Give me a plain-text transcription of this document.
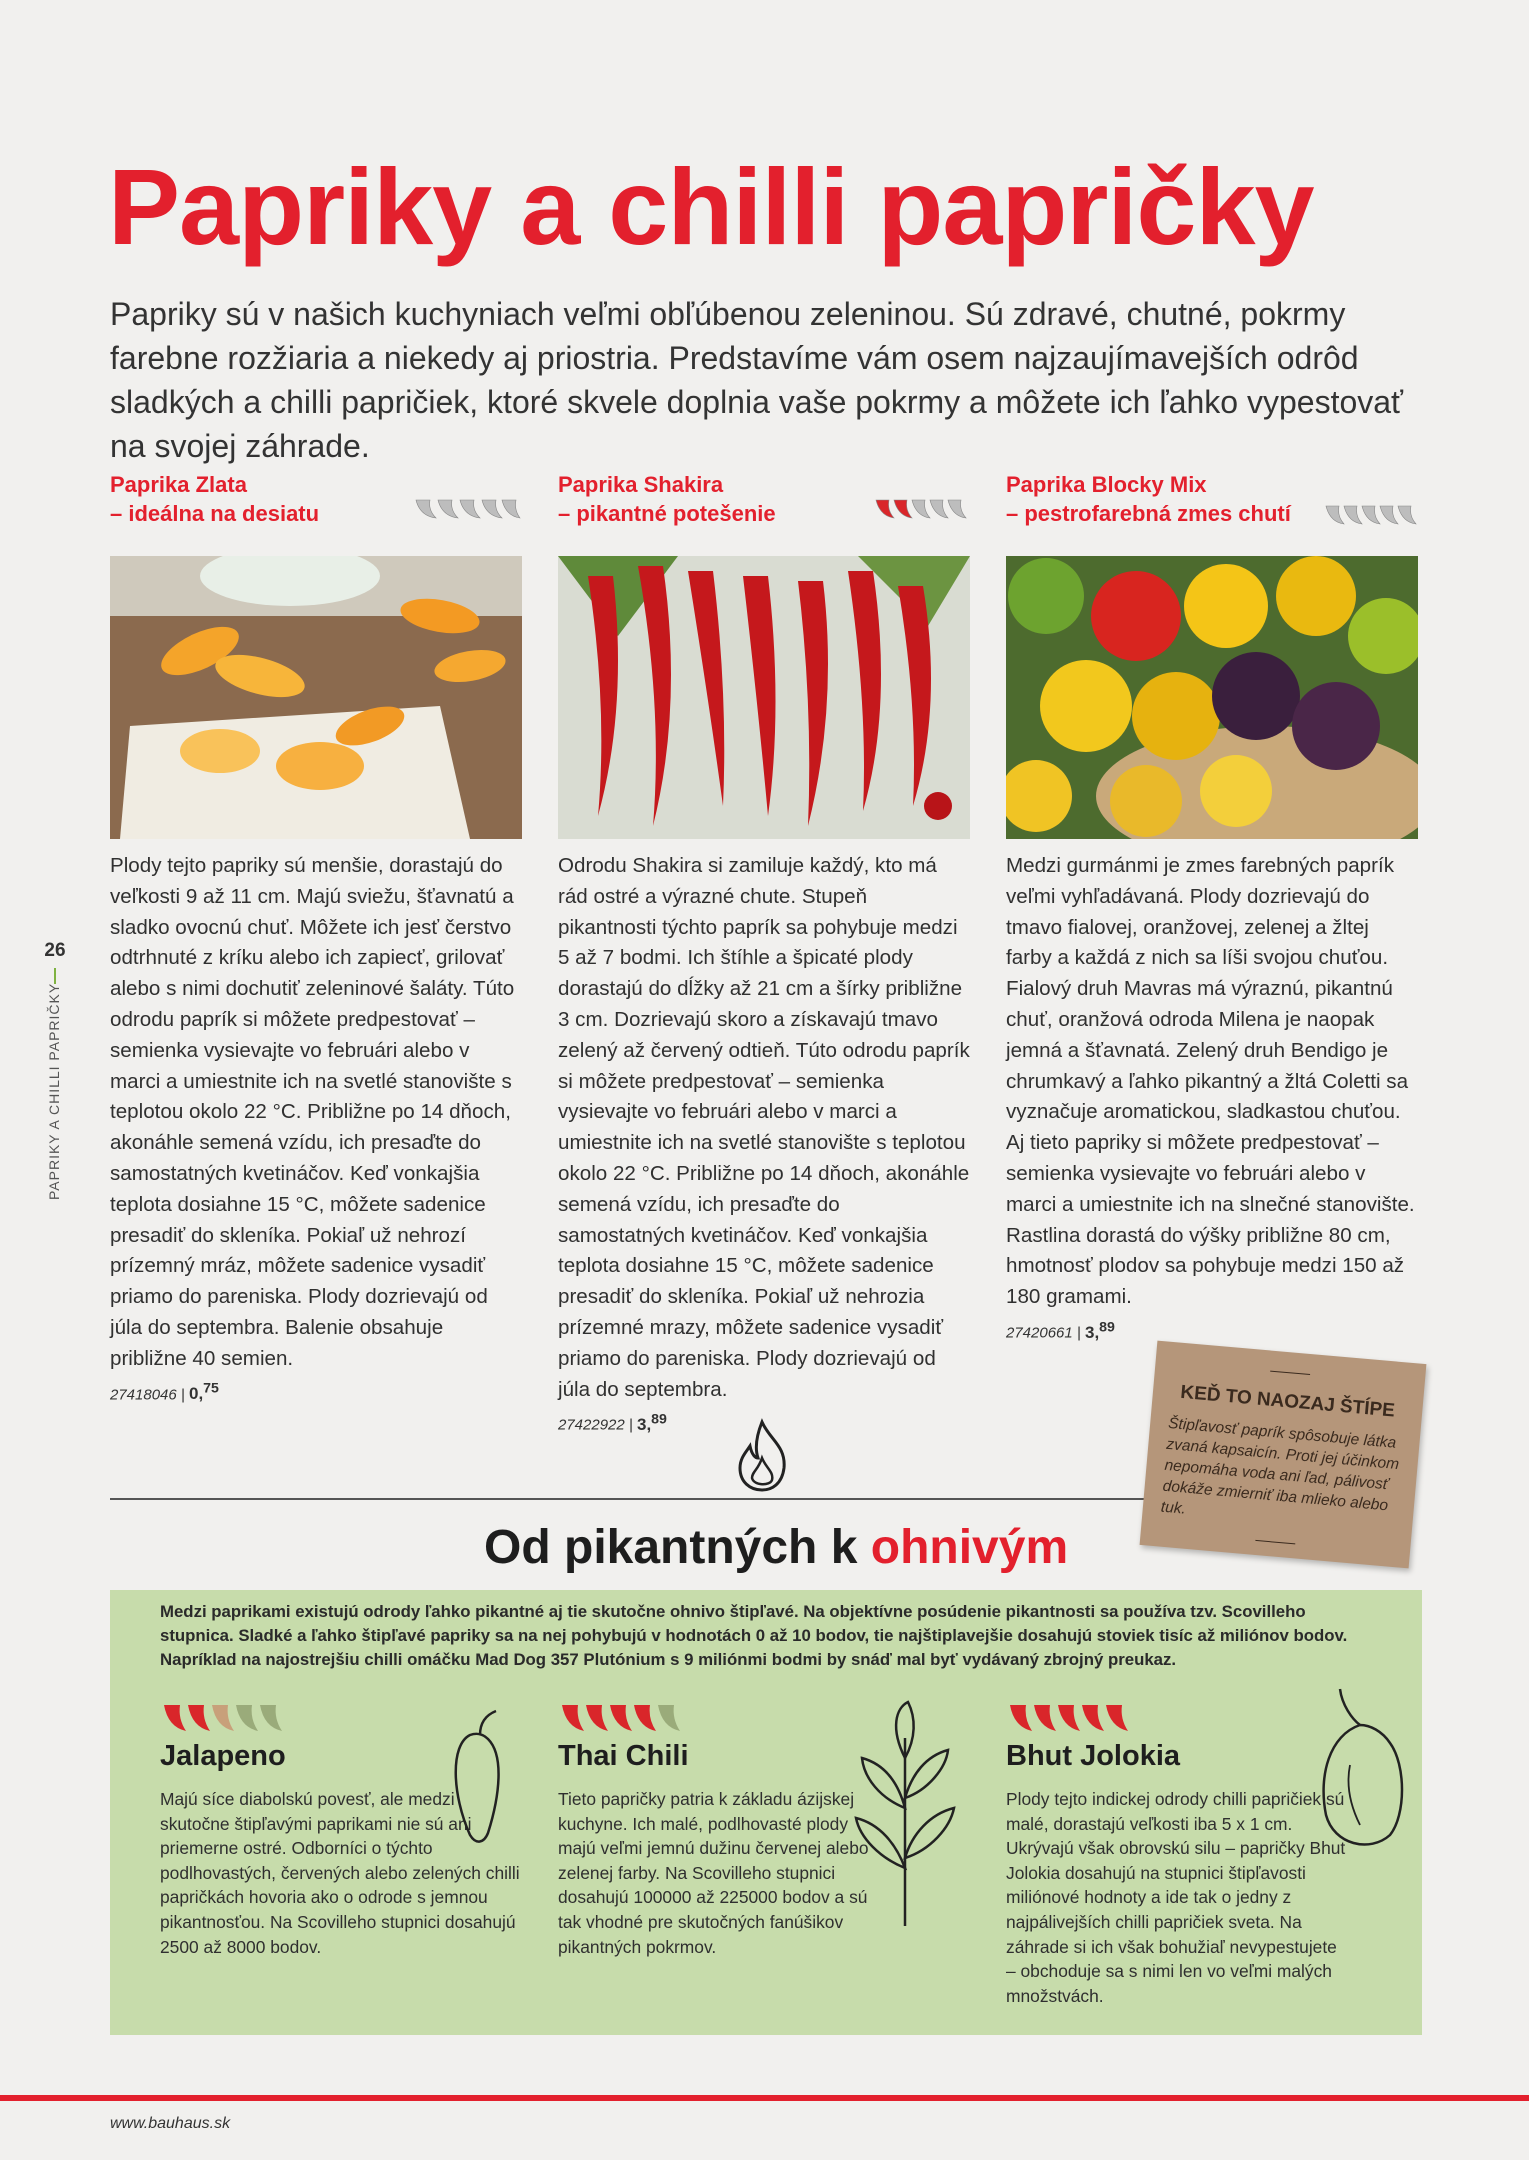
Papriky a chilli papričky

Papriky sú v našich kuchyniach veľmi obľúbenou zeleninou. Sú zdravé, chutné, pokrmy farebne rozžiaria a niekedy aj priostria. Predstavíme vám osem najzaujímavejších odrôd sladkých a chilli papričiek, ktoré skvele doplnia vaše pokrmy a môžete ich ľahko vypestovať na svojej záhrade.

26
PAPRIKY A CHILLI PAPRIČKY
Paprika Zlata
– ideálna na desiatu

Plody tejto papriky sú menšie, dorastajú do veľkosti 9 až 11 cm. Majú sviežu, šťavnatú a sladko ovocnú chuť. Môžete ich jesť čerstvo odtrhnuté z kríku alebo ich zapiecť, grilovať alebo s nimi dochutiť zeleninové šaláty. Túto odrodu paprík si môžete predpestovať – semienka vysievajte vo februári alebo v marci a umiestnite ich na svetlé stanovište s teplotou okolo 22 °C. Približne po 14 dňoch, akonáhle semená vzídu, ich presaďte do samostatných kvetináčov. Keď vonkajšia teplota dosiahne 15 °C, môžete sadenice presadiť do skleníka. Pokiaľ už nehrozí prízemný mráz, môžete sadenice vysadiť priamo do pareniska. Plody dozrievajú od júla do septembra. Balenie obsahuje približne 40 semien.

27418046 | 0,75
Paprika Shakira
– pikantné potešenie

Odrodu Shakira si zamiluje každý, kto má rád ostré a výrazné chute. Stupeň pikantnosti týchto paprík sa pohybuje medzi 5 až 7 bodmi. Ich štíhle a špicaté plody dorastajú do dĺžky až 21 cm a šírky približne 3 cm. Dozrievajú skoro a získavajú tmavo zelený až červený odtieň. Túto odrodu paprík si môžete predpestovať – semienka vysievajte vo februári alebo v marci a umiestnite ich na svetlé stanovište s teplotou okolo 22 °C. Približne po 14 dňoch, akonáhle semená vzídu, ich presaďte do samostatných kvetináčov. Keď vonkajšia teplota dosiahne 15 °C, môžete sadenice presadiť do skleníka. Pokiaľ už nehrozia prízemné mrazy, môžete sadenice vysadiť priamo do pareniska. Plody dozrievajú od júla do septembra.

27422922 | 3,89
Paprika Blocky Mix
– pestrofarebná zmes chutí

Medzi gurmánmi je zmes farebných paprík veľmi vyhľadávaná. Plody dozrievajú do tmavo fialovej, oranžovej, zelenej a žltej farby a každá z nich sa líši svojou chuťou. Fialový druh Mavras má výraznú, pikantnú chuť, oranžová odroda Milena je naopak jemná a šťavnatá. Zelený druh Bendigo je chrumkavý a ľahko pikantný a žltá Coletti sa vyznačuje aromatickou, sladkastou chuťou. Aj tieto papriky si môžete predpestovať – semienka vysievajte vo februári alebo v marci a umiestnite ich na slnečné stanovište. Rastlina dorastá do výšky približne 80 cm, hmotnosť plodov sa pohybuje medzi 150 až 180 gramami.

27420661 | 3,89
KEĎ TO NAOZAJ ŠTÍPE

Štipľavosť paprík spôsobuje látka zvaná kapsaicín. Proti jej účinkom nepomáha voda ani ľad, pálivosť dokáže zmierniť iba mlieko alebo tuk.

Od pikantných k ohnivým

Medzi paprikami existujú odrody ľahko pikantné aj tie skutočne ohnivo štipľavé. Na objektívne posúdenie pikantnosti sa používa tzv. Scovilleho stupnica. Sladké a ľahko štipľavé papriky sa na nej pohybujú v hodnotách 0 až 10 bodov, tie najštiplavejšie dosahujú stoviek tisíc až miliónov bodov. Napríklad na najostrejšiu chilli omáčku Mad Dog 357 Plutónium s 9 miliónmi bodmi by snáď mal byť vydávaný zbrojný preukaz.

Jalapeno

Majú síce diabolskú povesť, ale medzi skutočne štipľavými paprikami nie sú ani priemerne ostré. Odborníci o týchto podlhovastých, červených alebo zelených chilli papričkách hovoria ako o odrode s jemnou pikantnosťou. Na Scovilleho stupnici dosahujú 2500 až 8000 bodov.

Thai Chili

Tieto papričky patria k základu ázijskej kuchyne. Ich malé, podlhovasté plody majú veľmi jemnú dužinu červenej alebo zelenej farby. Na Scovilleho stupnici dosahujú 100000 až 225000 bodov a sú tak vhodné pre skutočných fanúšikov pikantných pokrmov.

Bhut Jolokia

Plody tejto indickej odrody chilli papričiek sú malé, dorastajú veľkosti iba 5 x 1 cm. Ukrývajú však obrovskú silu – papričky Bhut Jolokia dosahujú na stupnici štipľavosti miliónové hodnoty a ide tak o jedny z najpálivejších chilli papričiek sveta. Na záhrade si ich však bohužiaľ nevypestujete – obchoduje sa s nimi len vo veľmi malých množstvách.

www.bauhaus.sk
